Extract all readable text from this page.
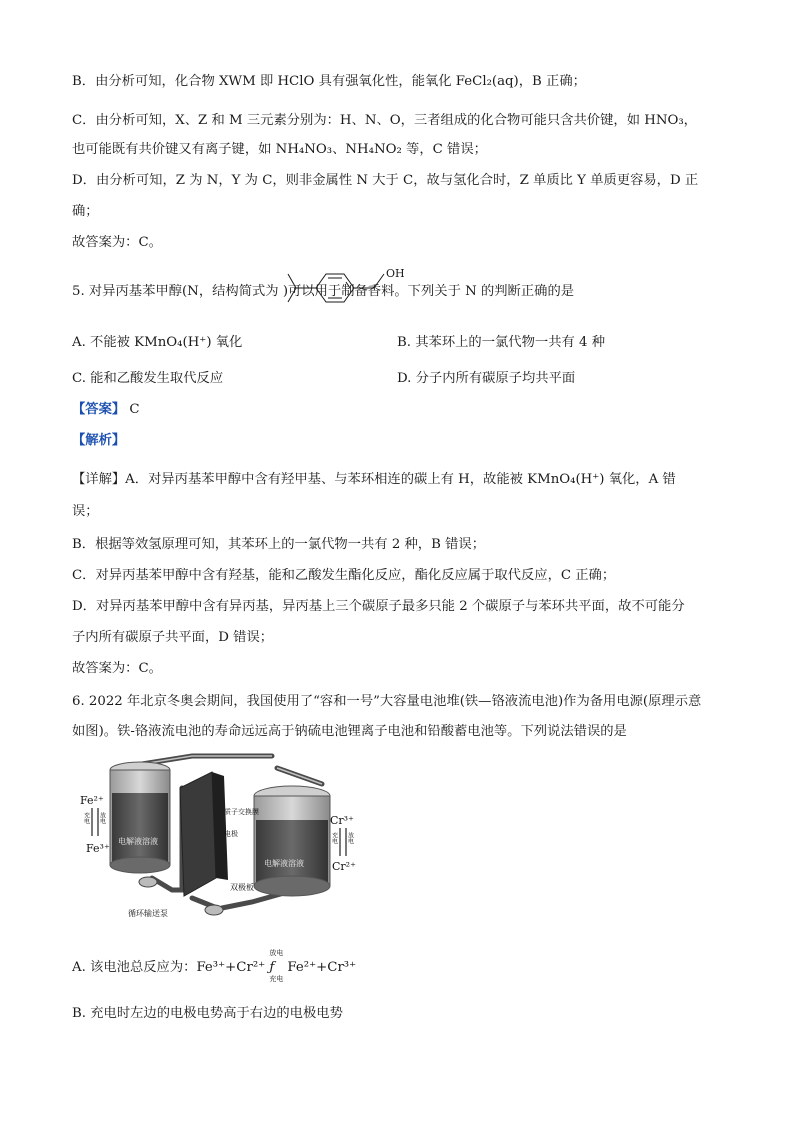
B．由分析可知，化合物 XWM 即 HClO 具有强氧化性，能氧化 FeCl₂(aq)，B 正确；
C．由分析可知，X、Z 和 M 三元素分别为：H、N、O，三者组成的化合物可能只含共价键，如 HNO₃，
也可能既有共价键又有离子键，如 NH₄NO₃、NH₄NO₂ 等，C 错误；
D．由分析可知，Z 为 N，Y 为 C，则非金属性 N 大于 C，故与氢化合时，Z 单质比 Y 单质更容易，D 正
确；
故答案为：C。
5. 对异丙基苯甲醇(N，结构简式为 )可以用于制备香料。下列关于 N 的判断正确的是
OH
A. 不能被 KMnO₄(H⁺) 氧化	B. 其苯环上的一氯代物一共有 4 种
C. 能和乙酸发生取代反应	D. 分子内所有碳原子均共平面
【答案】 C
【解析】
【详解】A．对异丙基苯甲醇中含有羟甲基、与苯环相连的碳上有 H，故能被 KMnO₄(H⁺) 氧化，A 错
误；
B．根据等效氢原理可知，其苯环上的一氯代物一共有 2 种，B 错误；
C．对异丙基苯甲醇中含有羟基，能和乙酸发生酯化反应，酯化反应属于取代反应，C 正确；
D．对异丙基苯甲醇中含有异丙基，异丙基上三个碳原子最多只能 2 个碳原子与苯环共平面，故不可能分
子内所有碳原子共平面，D 错误；
故答案为：C。
6. 2022 年北京冬奥会期间，我国使用了“容和一号”大容量电池堆(铁—铬液流电池)作为备用电源(原理示意
如图)。铁-铬液流电池的寿命远远高于钠硫电池锂离子电池和铅酸蓄电池等。下列说法错误的是
Fe²⁺
Fe³⁺
Cr³⁺
Cr²⁺
充电 放电
充电 放电
电解液溶液
电解液溶液
质子交换膜
电极
双极板
循环输送泵
A. 该电池总反应为：Fe³⁺+Cr²⁺
放电
ƒ
充电
Fe²⁺+Cr³⁺
B. 充电时左边的电极电势高于右边的电极电势
